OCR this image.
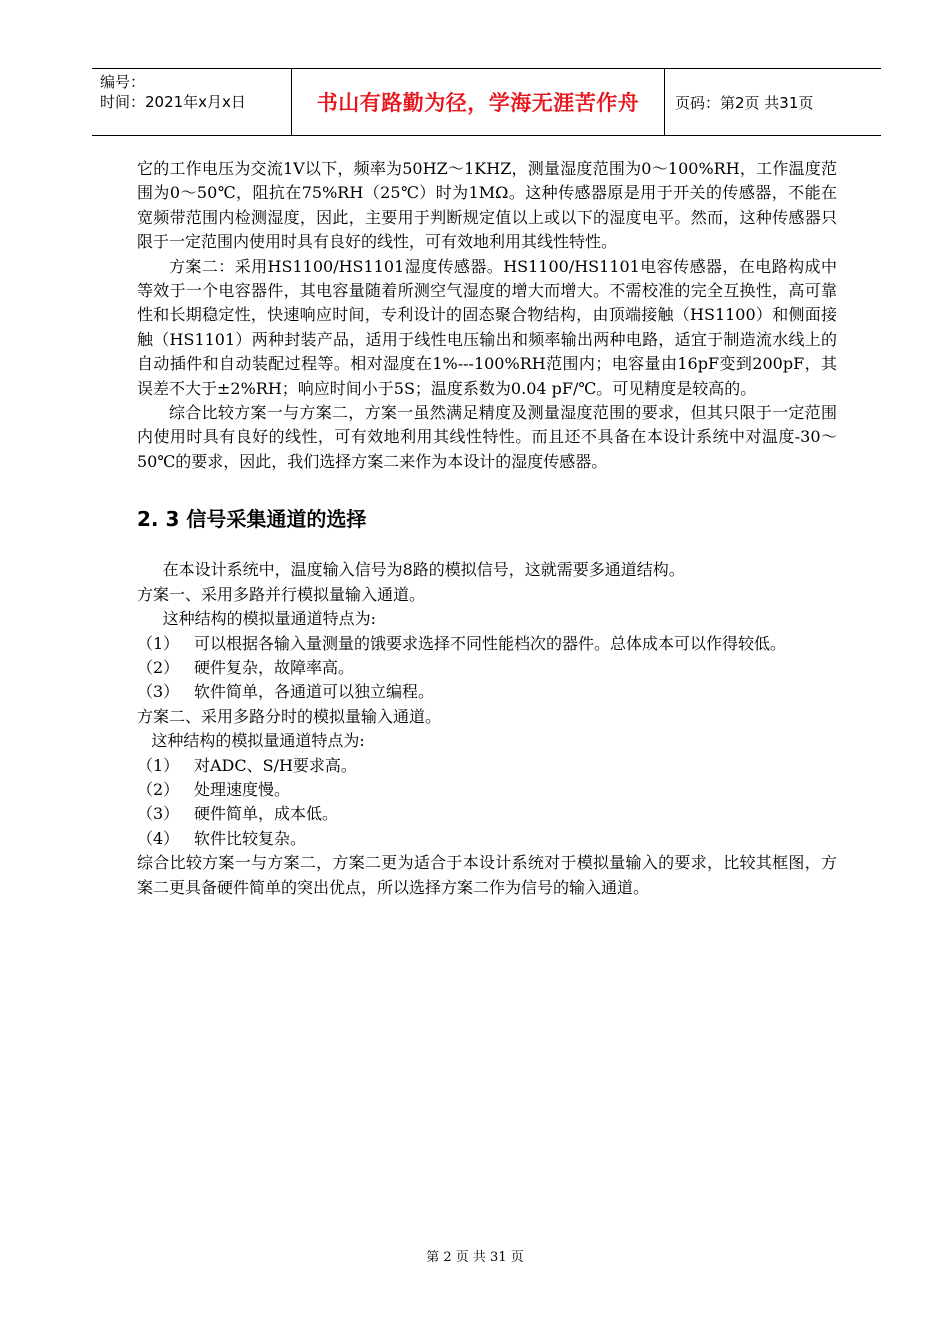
编号：
时间：2021年x月x日	书山有路勤为径，学海无涯苦作舟 页码：第2页 共31页

它的工作电压为交流1V以下，频率为50HZ～1KHZ，测量湿度范围为0～100%RH，工作温度范围为0～50℃，阻抗在75%RH（25℃）时为1MΩ。这种传感器原是用于开关的传感器，不能在宽频带范围内检测湿度，因此，主要用于判断规定值以上或以下的湿度电平。然而，这种传感器只限于一定范围内使用时具有良好的线性，可有效地利用其线性特性。

方案二：采用HS1100/HS1101湿度传感器。HS1100/HS1101电容传感器，在电路构成中等效于一个电容器件，其电容量随着所测空气湿度的增大而增大。不需校准的完全互换性，高可靠性和长期稳定性，快速响应时间，专利设计的固态聚合物结构，由顶端接触（HS1100）和侧面接触（HS1101）两种封装产品，适用于线性电压输出和频率输出两种电路，适宜于制造流水线上的自动插件和自动装配过程等。相对湿度在1%---100%RH范围内；电容量由16pF变到200pF，其误差不大于±2%RH；响应时间小于5S；温度系数为0.04 pF/℃。可见精度是较高的。

综合比较方案一与方案二，方案一虽然满足精度及测量湿度范围的要求，但其只限于一定范围内使用时具有良好的线性，可有效地利用其线性特性。而且还不具备在本设计系统中对温度-30～50℃的要求，因此，我们选择方案二来作为本设计的湿度传感器。

2. 3 信号采集通道的选择

在本设计系统中，温度输入信号为8路的模拟信号，这就需要多通道结构。

方案一、采用多路并行模拟量输入通道。

这种结构的模拟量通道特点为:

（1） 可以根据各输入量测量的饿要求选择不同性能档次的器件。总体成本可以作得较低。
（2） 硬件复杂，故障率高。
（3） 软件简单，各通道可以独立编程。

方案二、采用多路分时的模拟量输入通道。

这种结构的模拟量通道特点为:

（1） 对ADC、S/H要求高。
（2） 处理速度慢。
（3） 硬件简单，成本低。
（4） 软件比较复杂。

综合比较方案一与方案二，方案二更为适合于本设计系统对于模拟量输入的要求，比较其框图，方案二更具备硬件简单的突出优点，所以选择方案二作为信号的输入通道。

第 2 页 共 31 页
